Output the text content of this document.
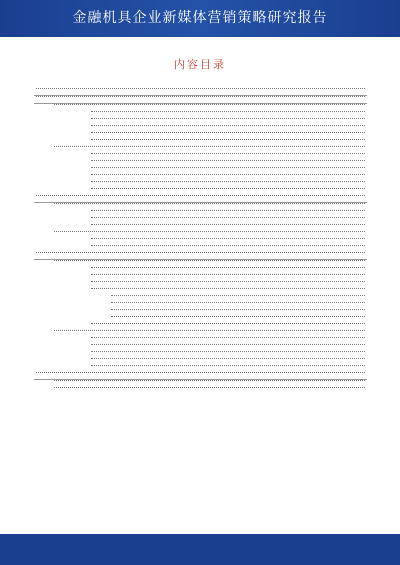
金融机具企业新媒体营销策略研究报告
内容目录
